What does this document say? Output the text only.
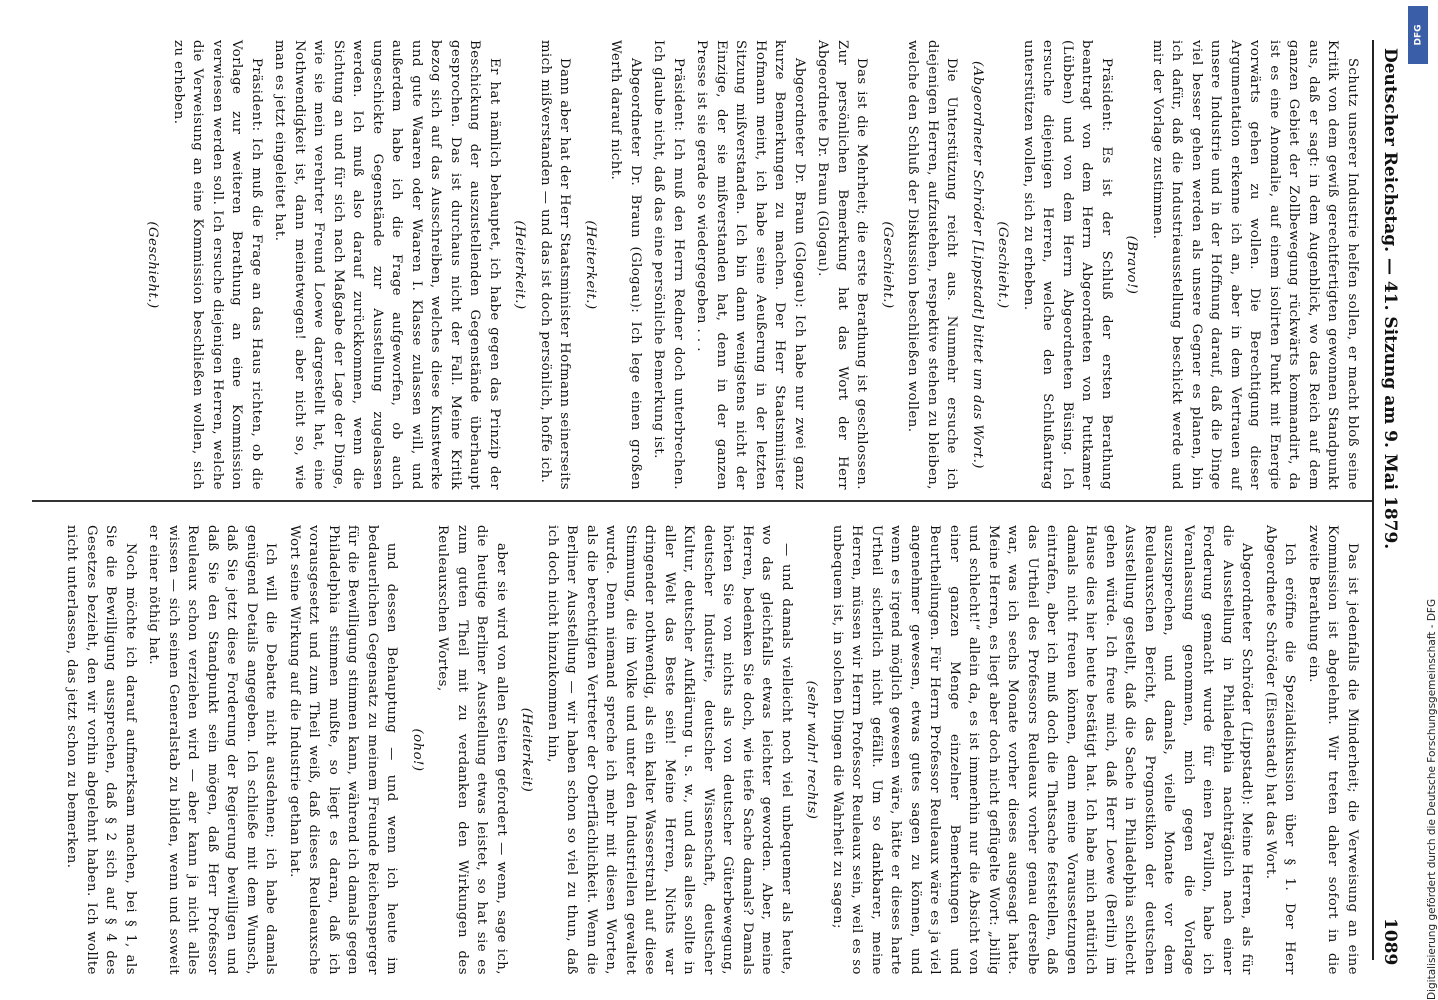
Deutscher Reichstag. — 41. Sitzung am 9. Mai 1879.
1089

Schutz unserer Industrie helfen sollen, er macht bloß seine Kritik von dem gewiß gerechtfertigten gewonnen Standpunkt aus, daß er sagt: in dem Augenblick, wo das Reich auf dem ganzen Gebiet der Zollbewegung rückwärts kommandirt, da ist es eine Anomalie, auf einem isolirten Punkt mit Energie vorwärts gehen zu wollen. Die Berechtigung dieser Argumentation erkenne ich an, aber in dem Vertrauen auf unsere Industrie und in der Hoffnung darauf, daß die Dinge viel besser gehen werden als unsere Gegner es planen, bin ich dafür, daß die Industrieausstellung beschickt werde und mir der Vorlage zustimmen.

(Bravo!)

Präsident: Es ist der Schluß der ersten Berathung beantragt von dem Herrn Abgeordneten von Puttkamer (Lübben) und von dem Herrn Abgeordneten Büsing. Ich ersuche diejenigen Herren, welche den Schlußantrag unterstützen wollen, sich zu erheben.

(Geschieht.)

(Abgeordneter Schröder [Lippstadt] bittet um das Wort.)

Die Unterstützung reicht aus. Nunmehr ersuche ich diejenigen Herren, aufzustehen, respektive stehen zu bleiben, welche den Schluß der Diskussion beschließen wollen.

(Geschieht.)

Das ist die Mehrheit; die erste Berathung ist geschlossen. Zur persönlichen Bemerkung hat das Wort der Herr Abgeordnete Dr. Braun (Glogau).

Abgeordneter Dr. Braun (Glogau): Ich habe nur zwei ganz kurze Bemerkungen zu machen. Der Herr Staatsminister Hofmann meint, ich habe seine Aeußerung in der letzten Sitzung mißverstanden. Ich bin dann wenigstens nicht der Einzige, der sie mißverstanden hat, denn in der ganzen Presse ist sie gerade so wiedergegeben . . .

Präsident: Ich muß den Herrn Redner doch unterbrechen. Ich glaube nicht, daß das eine persönliche Bemerkung ist.

Abgeordneter Dr. Braun (Glogau): Ich lege einen großen Werth darauf nicht.

(Heiterkeit.)

Dann aber hat der Herr Staatsminister Hofmann seinerseits mich mißverstanden — und das ist doch persönlich, hoffe ich.

(Heiterkeit.)

Er hat nämlich behauptet, ich habe gegen das Prinzip der Beschickung der auszustellenden Gegenstände überhaupt gesprochen. Das ist durchaus nicht der Fall. Meine Kritik bezog sich auf das Ausschreiben, welches diese Kunstwerke und gute Waaren oder Waaren I. Klasse zulassen will, und außerdem habe ich die Frage aufgeworfen, ob auch ungeschickte Gegenstände zur Ausstellung zugelassen werden. Ich muß also darauf zurückkommen, wenn die Sichtung an und für sich nach Maßgabe der Lage der Dinge, wie sie mein verehrter Freund Loewe dargestellt hat, eine Nothwendigkeit ist, dann meinetwegen! aber nicht so, wie man es jetzt eingeleitet hat.

Präsident: Ich muß die Frage an das Haus richten, ob die Vorlage zur weiteren Berathung an eine Kommission verwiesen werden soll. Ich ersuche diejenigen Herren, welche die Verweisung an eine Kommission beschließen wollen, sich zu erheben.

(Geschieht.)

Das ist jedenfalls die Minderheit; die Verweisung an eine Kommission ist abgelehnt. Wir treten daher sofort in die zweite Berathung ein.

Ich eröffne die Spezialdiskussion über § 1. Der Herr Abgeordnete Schröder (Eisenstadt) hat das Wort.

Abgeordneter Schröder (Lippstadt): Meine Herren, als für die Ausstellung in Philadelphia nachträglich nach einer Forderung gemacht wurde für einen Pavillon, habe ich Veranlassung genommen, mich gegen die Vorlage auszusprechen, und damals, vielle Monate vor dem Reuleauxschen Bericht, das Prognostikon der deutschen Ausstellung gestellt, daß die Sache in Philadelphia schlecht gehen würde. Ich freue mich, daß Herr Loewe (Berlin) im Hause dies hier heute bestätigt hat. Ich habe mich natürlich damals nicht freuen können, denn meine Voraussetzungen eintrafen, aber ich muß doch die Thatsache feststellen, daß das Urtheil des Professors Reuleaux vorher genau derselbe war, was ich sechs Monate vorher dieses ausgesagt hatte. Meine Herren, es liegt aber doch nicht geflügelte Wort: „billig und schlecht!“ allein da, es ist immerhin nur die Absicht von einer ganzen Menge einzelner Bemerkungen und Beurtheilungen. Für Herrn Professor Reuleaux wäre es ja viel angenehmer gewesen, etwas gutes sagen zu können, und wenn es irgend möglich gewesen wäre, hätte er dieses harte Urtheil sicherlich nicht gefällt. Um so dankbarer, meine Herren, müssen wir Herrn Professor Reuleaux sein, weil es so unbequem ist, in solchen Dingen die Wahrheit zu sagen;

(sehr wahr! rechts)

— und damals vielleicht noch viel unbequemer als heute, wo das gleichfalls etwas leichter geworden. Aber, meine Herren, bedenken Sie doch, wie tiefe Sache damals? Damals hörten Sie von nichts als von deutscher Güterbewegung, deutscher Industrie, deutscher Wissenschaft, deutscher Kultur, deutscher Aufklärung u. s. w., und das alles sollte in aller Welt das Beste sein! Meine Herren, Nichts war dringender nothwendig, als ein kalter Wasserstrahl auf diese Stimmung, die im Volke und unter den Industriellen gewaltet wurde. Denn niemand spreche ich mehr mit diesen Worten, als die berechtigten Vertreter der Oberflächlichkeit. Wenn die Berliner Ausstellung — wir haben schon so viel zu thun, daß ich doch nicht hinzukommen hin,

(Heiterkeit)

aber sie wird von allen Seiten gefordert — wenn, sage ich, die heutige Berliner Ausstellung etwas leistet, so hat sie es zum guten Theil mit zu verdanken den Wirkungen des Reuleauxschen Wortes,

(oho!)

und dessen Behauptung — und wenn ich heute im bedauerlichen Gegensatz zu meinem Freunde Reichensperger für die Bewilligung stimmen kann, während ich damals gegen Philadelphia stimmen mußte, so liegt es daran, daß ich vorausgesetzt und zum Theil weiß, daß dieses Reuleauxsche Wort seine Wirkung auf die Industrie gethan hat.

Ich will die Debatte nicht ausdehnen; ich habe damals genügend Details angegeben. Ich schließe mit dem Wunsch, daß Sie jetzt diese Forderung der Regierung bewilligen und daß Sie den Standpunkt sein mögen, daß Herr Professor Reuleaux schon verziehen wird — aber kann ja nicht alles wissen — sich seinen Generalstab zu bilden, wenn und soweit er einer nöthig hat.

Noch möchte ich darauf aufmerksam machen, bei § 1, als Sie die Bewilligung aussprechen, daß § 2 sich auf § 4 des Gesetzes bezieht, den wir vorhin abgelehnt haben. Ich wollte nicht unterlassen, das jetzt schon zu bemerken.	Digitalisierung gefördert durch die Deutsche Forschungsgemeinschaft - DFG
DFG
